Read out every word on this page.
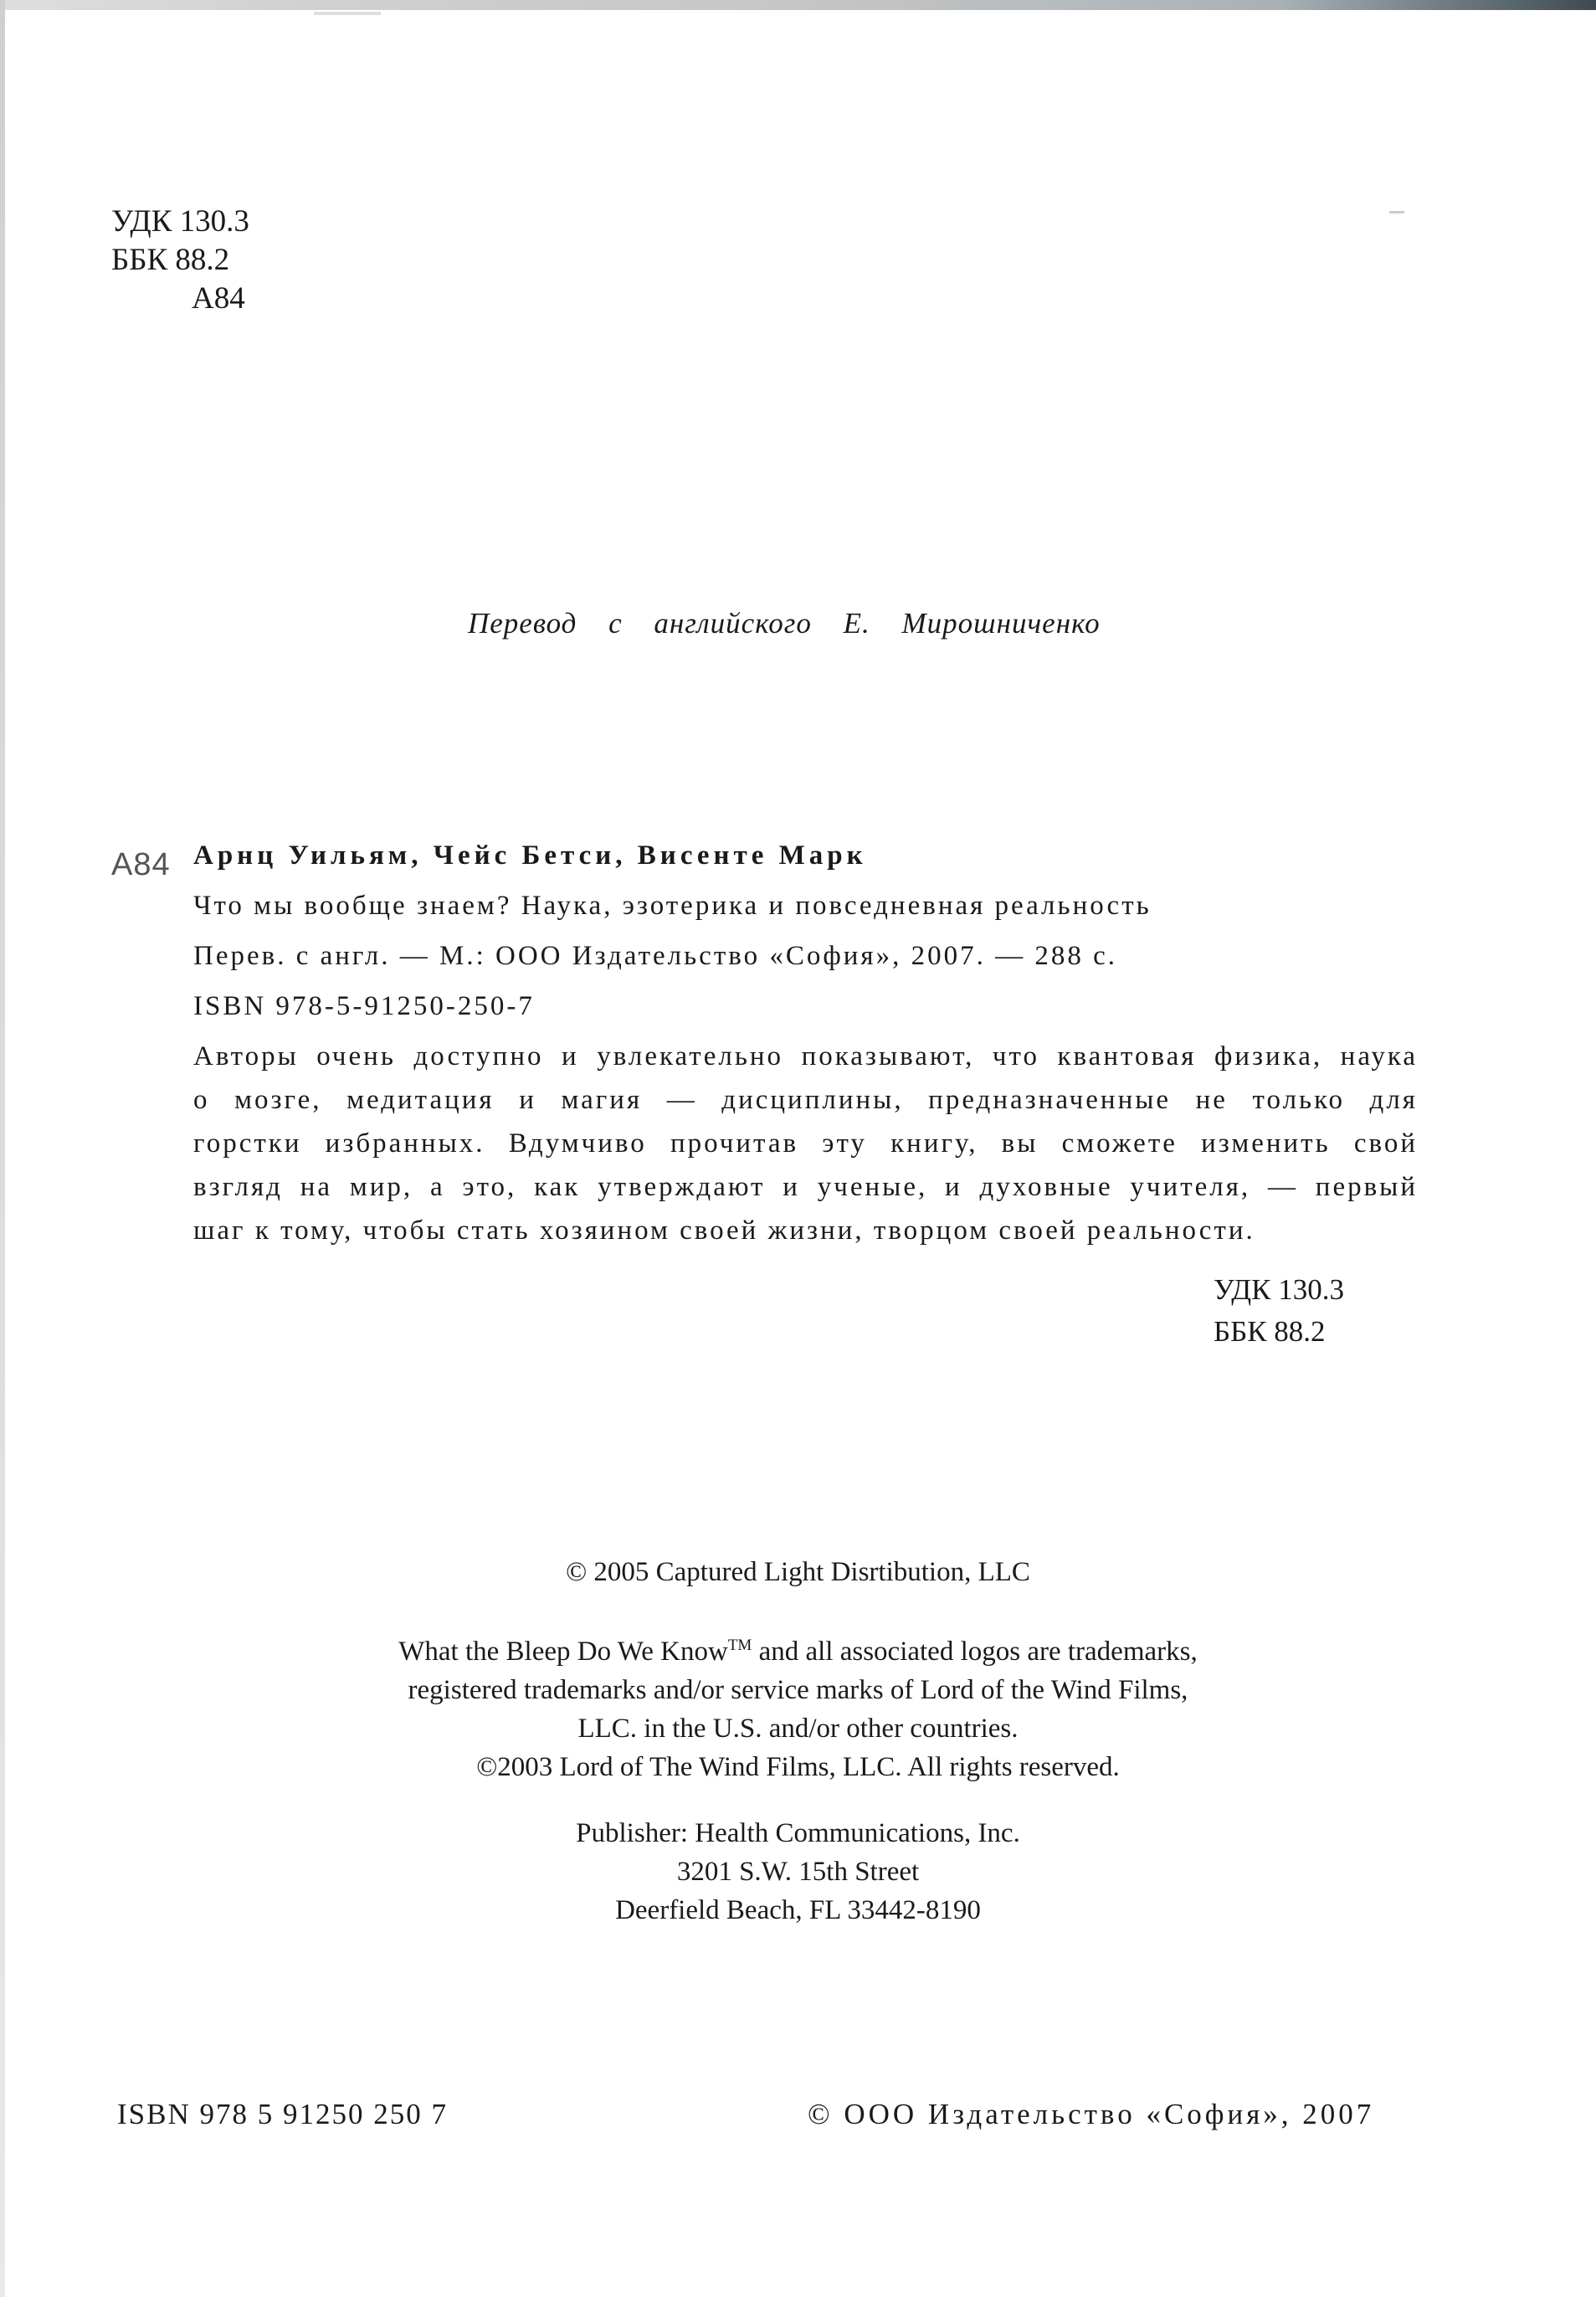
УДК 130.3
ББК 88.2
А84
Перевод с английского Е. Мирошниченко
А84 Арнц Уильям, Чейс Бетси, Висенте Марк
Что мы вообще знаем? Наука, эзотерика и повседневная реальность
Перев. с англ. — М.: ООО Издательство «София», 2007. — 288 с.
ISBN 978-5-91250-250-7
Авторы очень доступно и увлекательно показывают, что квантовая физика, наука
о мозге, медитация и магия — дисциплины, предназначенные не только для
горстки избранных. Вдумчиво прочитав эту книгу, вы сможете изменить свой
взгляд на мир, а это, как утверждают и ученые, и духовные учителя, — первый
шаг к тому, чтобы стать хозяином своей жизни, творцом своей реальности.
УДК 130.3
ББК 88.2
© 2005 Captured Light Disrtibution, LLC
What the Bleep Do We Know™ and all associated logos are trademarks,
registered trademarks and/or service marks of Lord of the Wind Films,
LLC. in the U.S. and/or other countries.
©2003 Lord of The Wind Films, LLC. All rights reserved.
Publisher: Health Communications, Inc.
3201 S.W. 15th Street
Deerfield Beach, FL 33442-8190
ISBN 978 5 91250 250 7	© ООО Издательство «София», 2007
